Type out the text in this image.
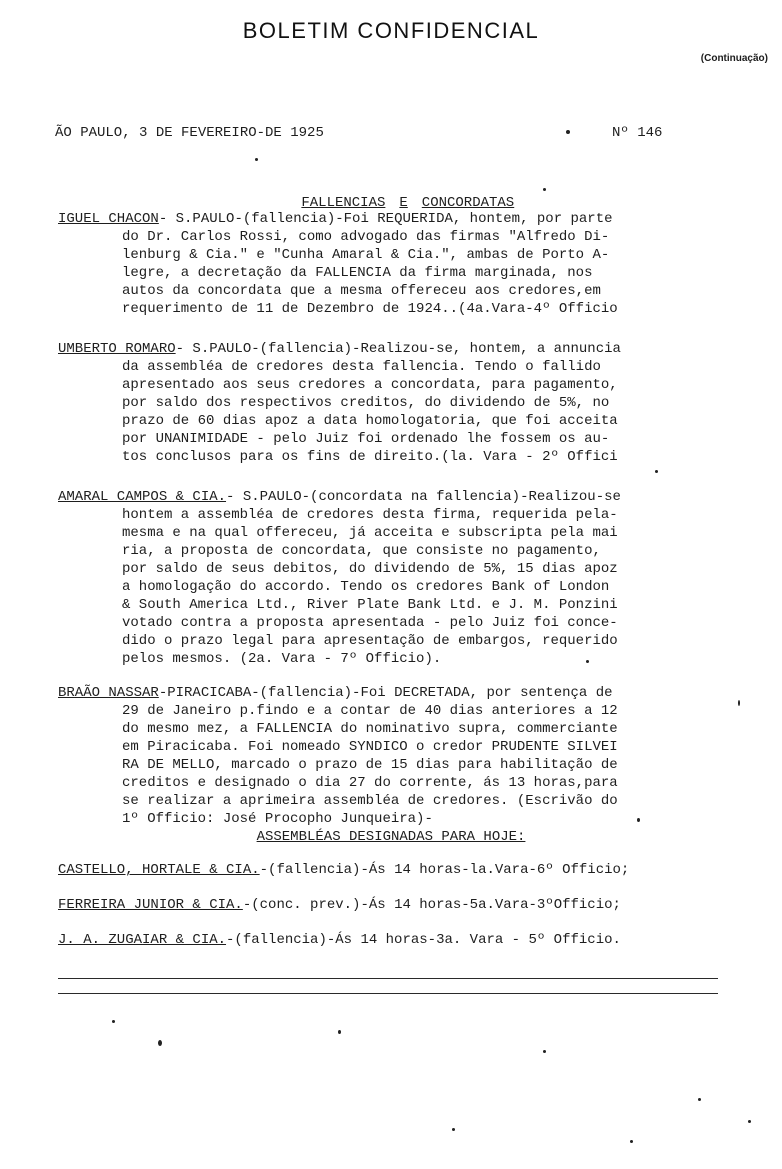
BOLETIM CONFIDENCIAL
(Continuação)
ÃO PAULO, 3 DE FEVEREIRO-DE 1925	Nº 146

FALLENCIAS E CONCORDATAS

IGUEL CHACON- S.PAULO-(fallencia)-Foi REQUERIDA, hontem, por parte
do Dr. Carlos Rossi, como advogado das firmas "Alfredo Di-
lenburg & Cia." e "Cunha Amaral & Cia.", ambas de Porto A-
legre, a decretação da FALLENCIA da firma marginada, nos
autos da concordata que a mesma offereceu aos credores,em
requerimento de 11 de Dezembro de 1924..(4a.Vara-4º Officio
UMBERTO ROMARO- S.PAULO-(fallencia)-Realizou-se, hontem, a annuncia
da assembléa de credores desta fallencia. Tendo o fallido
apresentado aos seus credores a concordata, para pagamento,
por saldo dos respectivos creditos, do dividendo de 5%, no
prazo de 60 dias apoz a data homologatoria, que foi acceita
por UNANIMIDADE - pelo Juiz foi ordenado lhe fossem os au-
tos conclusos para os fins de direito.(la. Vara - 2º Offici
AMARAL CAMPOS & CIA.- S.PAULO-(concordata na fallencia)-Realizou-se
hontem a assembléa de credores desta firma, requerida pela-
mesma e na qual offereceu, já acceita e subscripta pela mai
ria, a proposta de concordata, que consiste no pagamento,
por saldo de seus debitos, do dividendo de 5%, 15 dias apoz
a homologação do accordo. Tendo os credores Bank of London
& South America Ltd., River Plate Bank Ltd. e J. M. Ponzini
votado contra a proposta apresentada - pelo Juiz foi conce-
dido o prazo legal para apresentação de embargos, requerido
pelos mesmos. (2a. Vara - 7º Officio).
BRAÃO NASSAR-PIRACICABA-(fallencia)-Foi DECRETADA, por sentença de
29 de Janeiro p.findo e a contar de 40 dias anteriores a 12
do mesmo mez, a FALLENCIA do nominativo supra, commerciante
em Piracicaba. Foi nomeado SYNDICO o credor PRUDENTE SILVEI
RA DE MELLO, marcado o prazo de 15 dias para habilitação de
creditos e designado o dia 27 do corrente, ás 13 horas,para
se realizar a aprimeira assembléa de credores. (Escrivão do
1º Officio: José Procopho Junqueira)-
ASSEMBLÉAS DESIGNADAS PARA HOJE:
CASTELLO, HORTALE & CIA.-(fallencia)-Ás 14 horas-la.Vara-6º Officio;
FERREIRA JUNIOR & CIA.-(conc. prev.)-Ás 14 horas-5a.Vara-3ºOfficio;
J. A. ZUGAIAR & CIA.-(fallencia)-Ás 14 horas-3a. Vara - 5º Officio.
